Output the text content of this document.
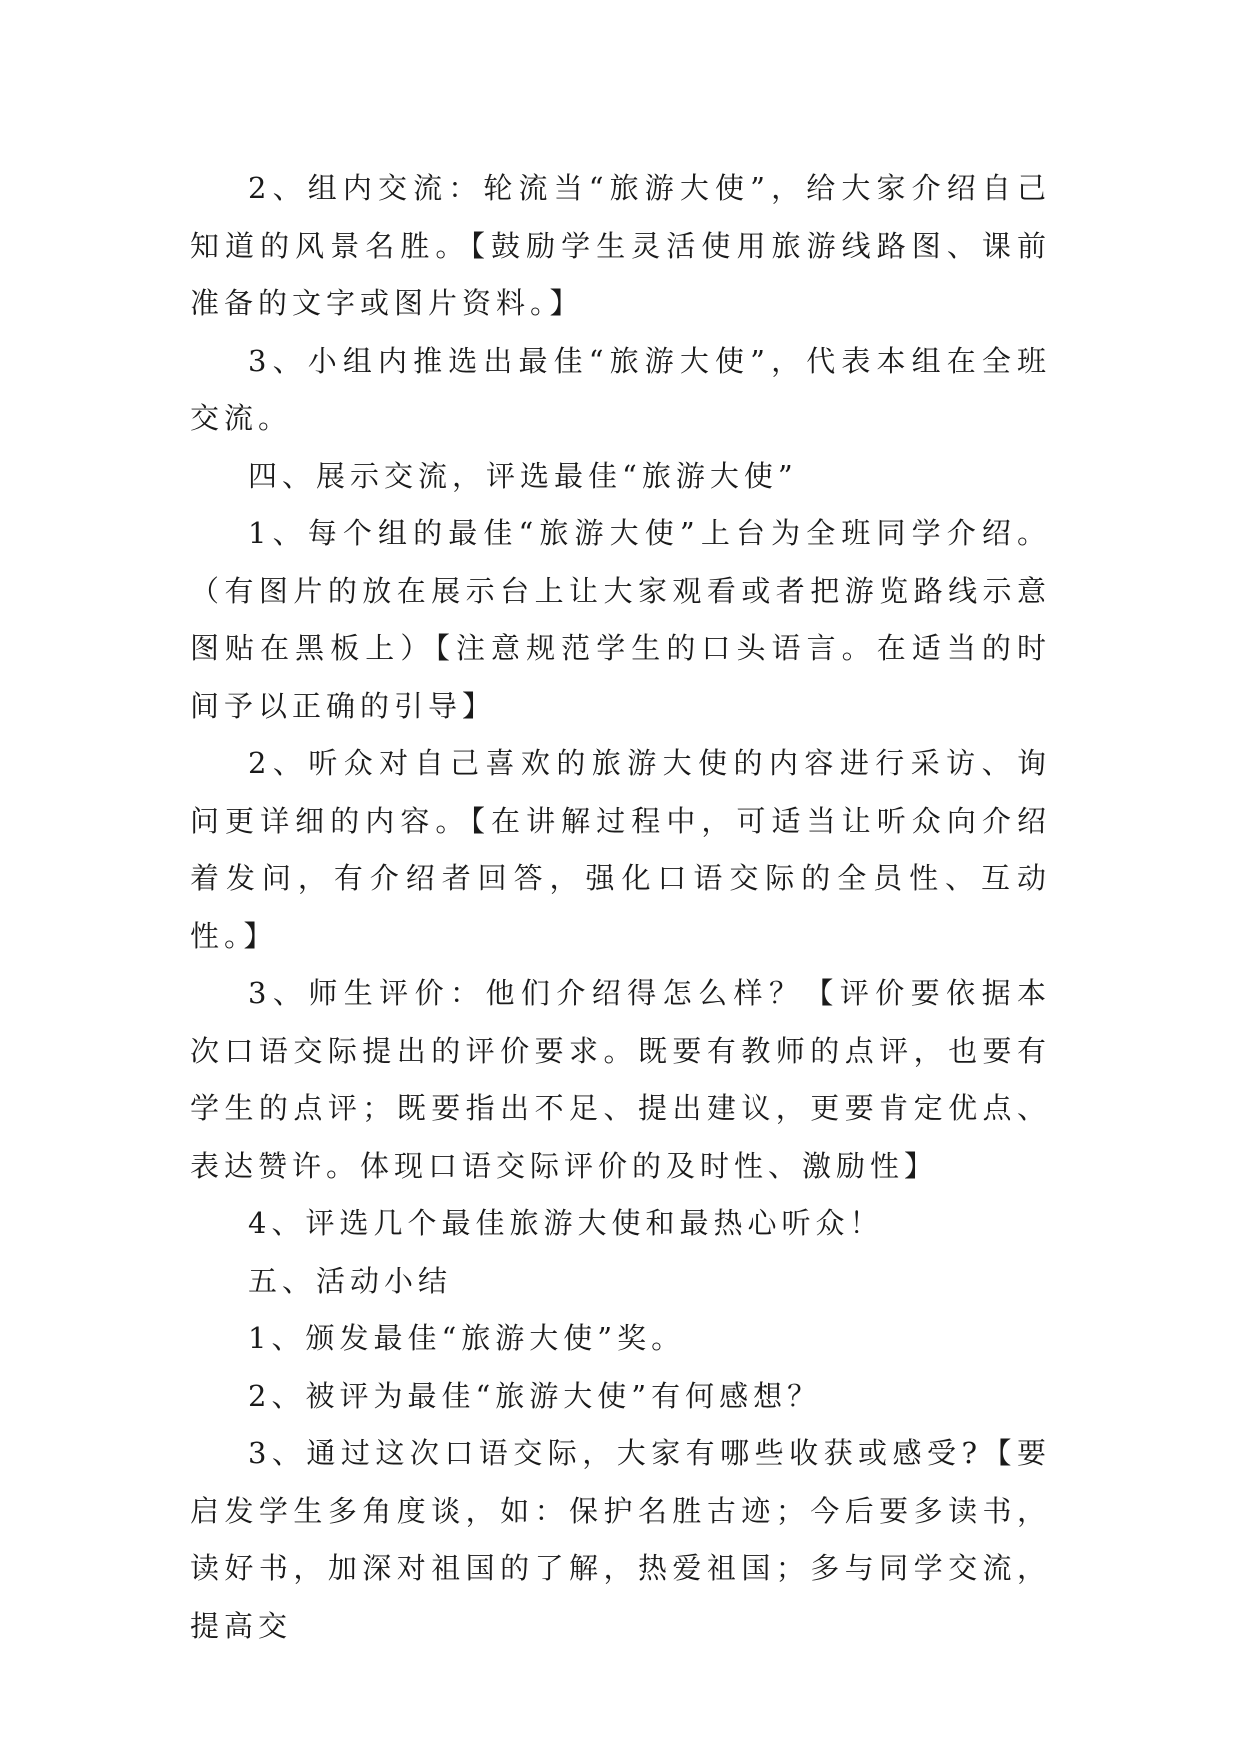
2、组内交流：轮流当“旅游大使”，给大家介绍自己知道的风景名胜。【鼓励学生灵活使用旅游线路图、课前准备的文字或图片资料。】

3、小组内推选出最佳“旅游大使”，代表本组在全班交流。

四、展示交流，评选最佳“旅游大使”

1、每个组的最佳“旅游大使”上台为全班同学介绍。（有图片的放在展示台上让大家观看或者把游览路线示意图贴在黑板上）【注意规范学生的口头语言。在适当的时间予以正确的引导】

2、听众对自己喜欢的旅游大使的内容进行采访、询问更详细的内容。【在讲解过程中，可适当让听众向介绍着发问，有介绍者回答，强化口语交际的全员性、互动性。】

3、师生评价：他们介绍得怎么样？【评价要依据本次口语交际提出的评价要求。既要有教师的点评，也要有学生的点评；既要指出不足、提出建议，更要肯定优点、表达赞许。体现口语交际评价的及时性、激励性】

4、评选几个最佳旅游大使和最热心听众！

五、活动小结

1、颁发最佳“旅游大使”奖。

2、被评为最佳“旅游大使”有何感想？

3、通过这次口语交际，大家有哪些收获或感受?【要启发学生多角度谈，如：保护名胜古迹；今后要多读书，读好书，加深对祖国的了解，热爱祖国；多与同学交流，提高交
